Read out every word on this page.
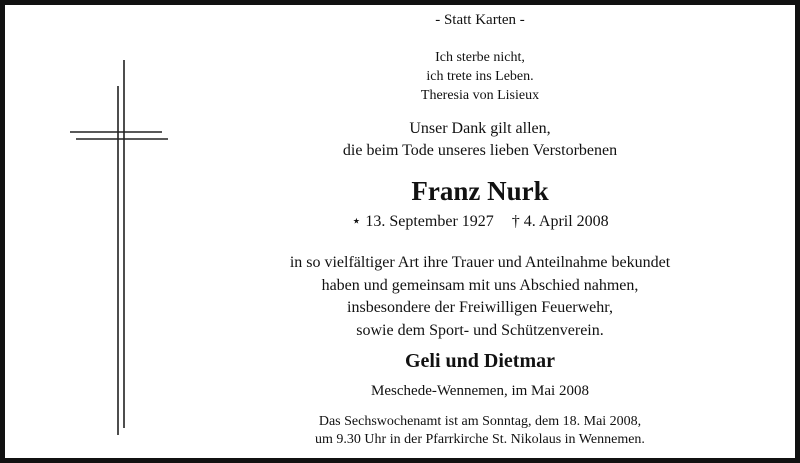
- Statt Karten -
Ich sterbe nicht,
ich trete ins Leben.
Theresia von Lisieux
Unser Dank gilt allen,
die beim Tode unseres lieben Verstorbenen
Franz Nurk
⋆ 13. September 1927 † 4. April 2008
in so vielfältiger Art ihre Trauer und Anteilnahme bekundet
haben und gemeinsam mit uns Abschied nahmen,
insbesondere der Freiwilligen Feuerwehr,
sowie dem Sport- und Schützenverein.
Geli und Dietmar
Meschede-Wennemen, im Mai 2008
Das Sechswochenamt ist am Sonntag, dem 18. Mai 2008,
um 9.30 Uhr in der Pfarrkirche St. Nikolaus in Wennemen.
